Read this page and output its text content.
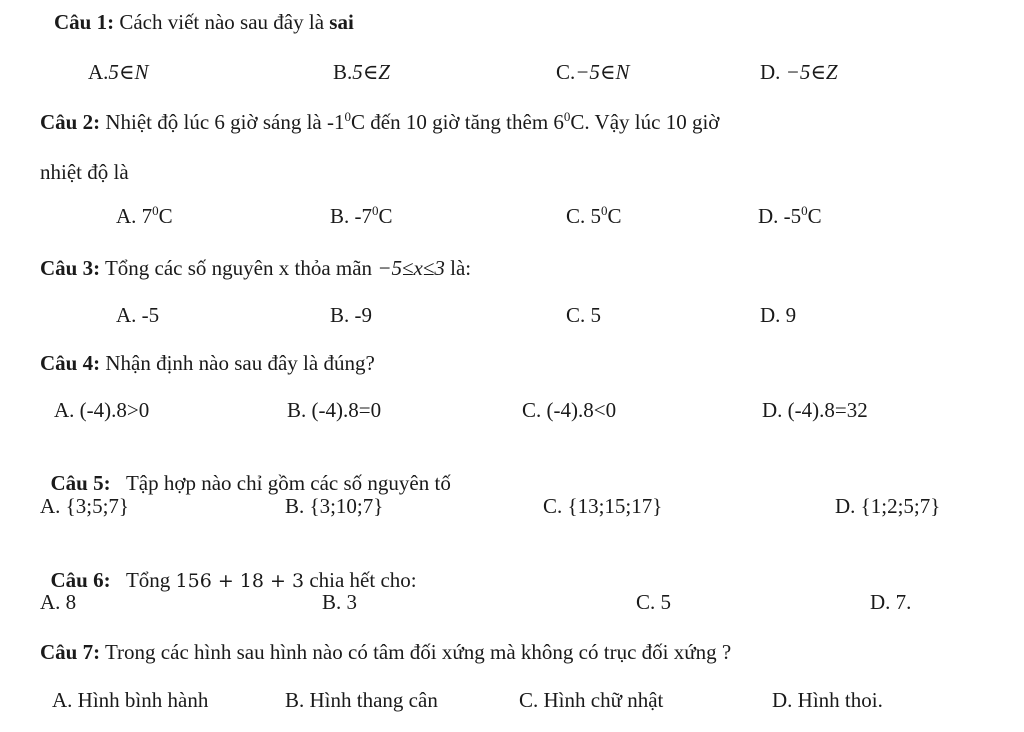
Câu 1: Cách viết nào sau đây là sai
A.5∈N	B.5∈Z	C.−5∈N	D. −5∈Z
Câu 2: Nhiệt độ lúc 6 giờ sáng là $-1^0C$ đến 10 giờ tăng thêm $6^0C$. Vậy lúc 10 giờ
nhiệt độ là
A. $7^0C$	B. $-7^0C$	C. $5^0C$	D. $-5^0C$
Câu 3: Tổng các số nguyên x thỏa mãn −5≤x≤3 là:
A. -5	B. -9	C. 5	D. 9
Câu 4: Nhận định nào sau đây là đúng?
A. (-4).8>0	B. (-4).8=0	C. (-4).8<0	D. (-4).8=32

Câu 5:   Tập hợp nào chỉ gồm các số nguyên tố

A. {3;5;7}	B. {3;10;7}	C. {13;15;17}	D. {1;2;5;7}

Câu 6:   Tổng 156 + 18 + 3 chia hết cho:

A. 8	B. 3	C. 5	D. 7.
Câu 7: Trong các hình sau hình nào có tâm đối xứng mà không có trục đối xứng ?
A. Hình bình hành	B. Hình thang cân	C. Hình chữ nhật	D. Hình thoi.
